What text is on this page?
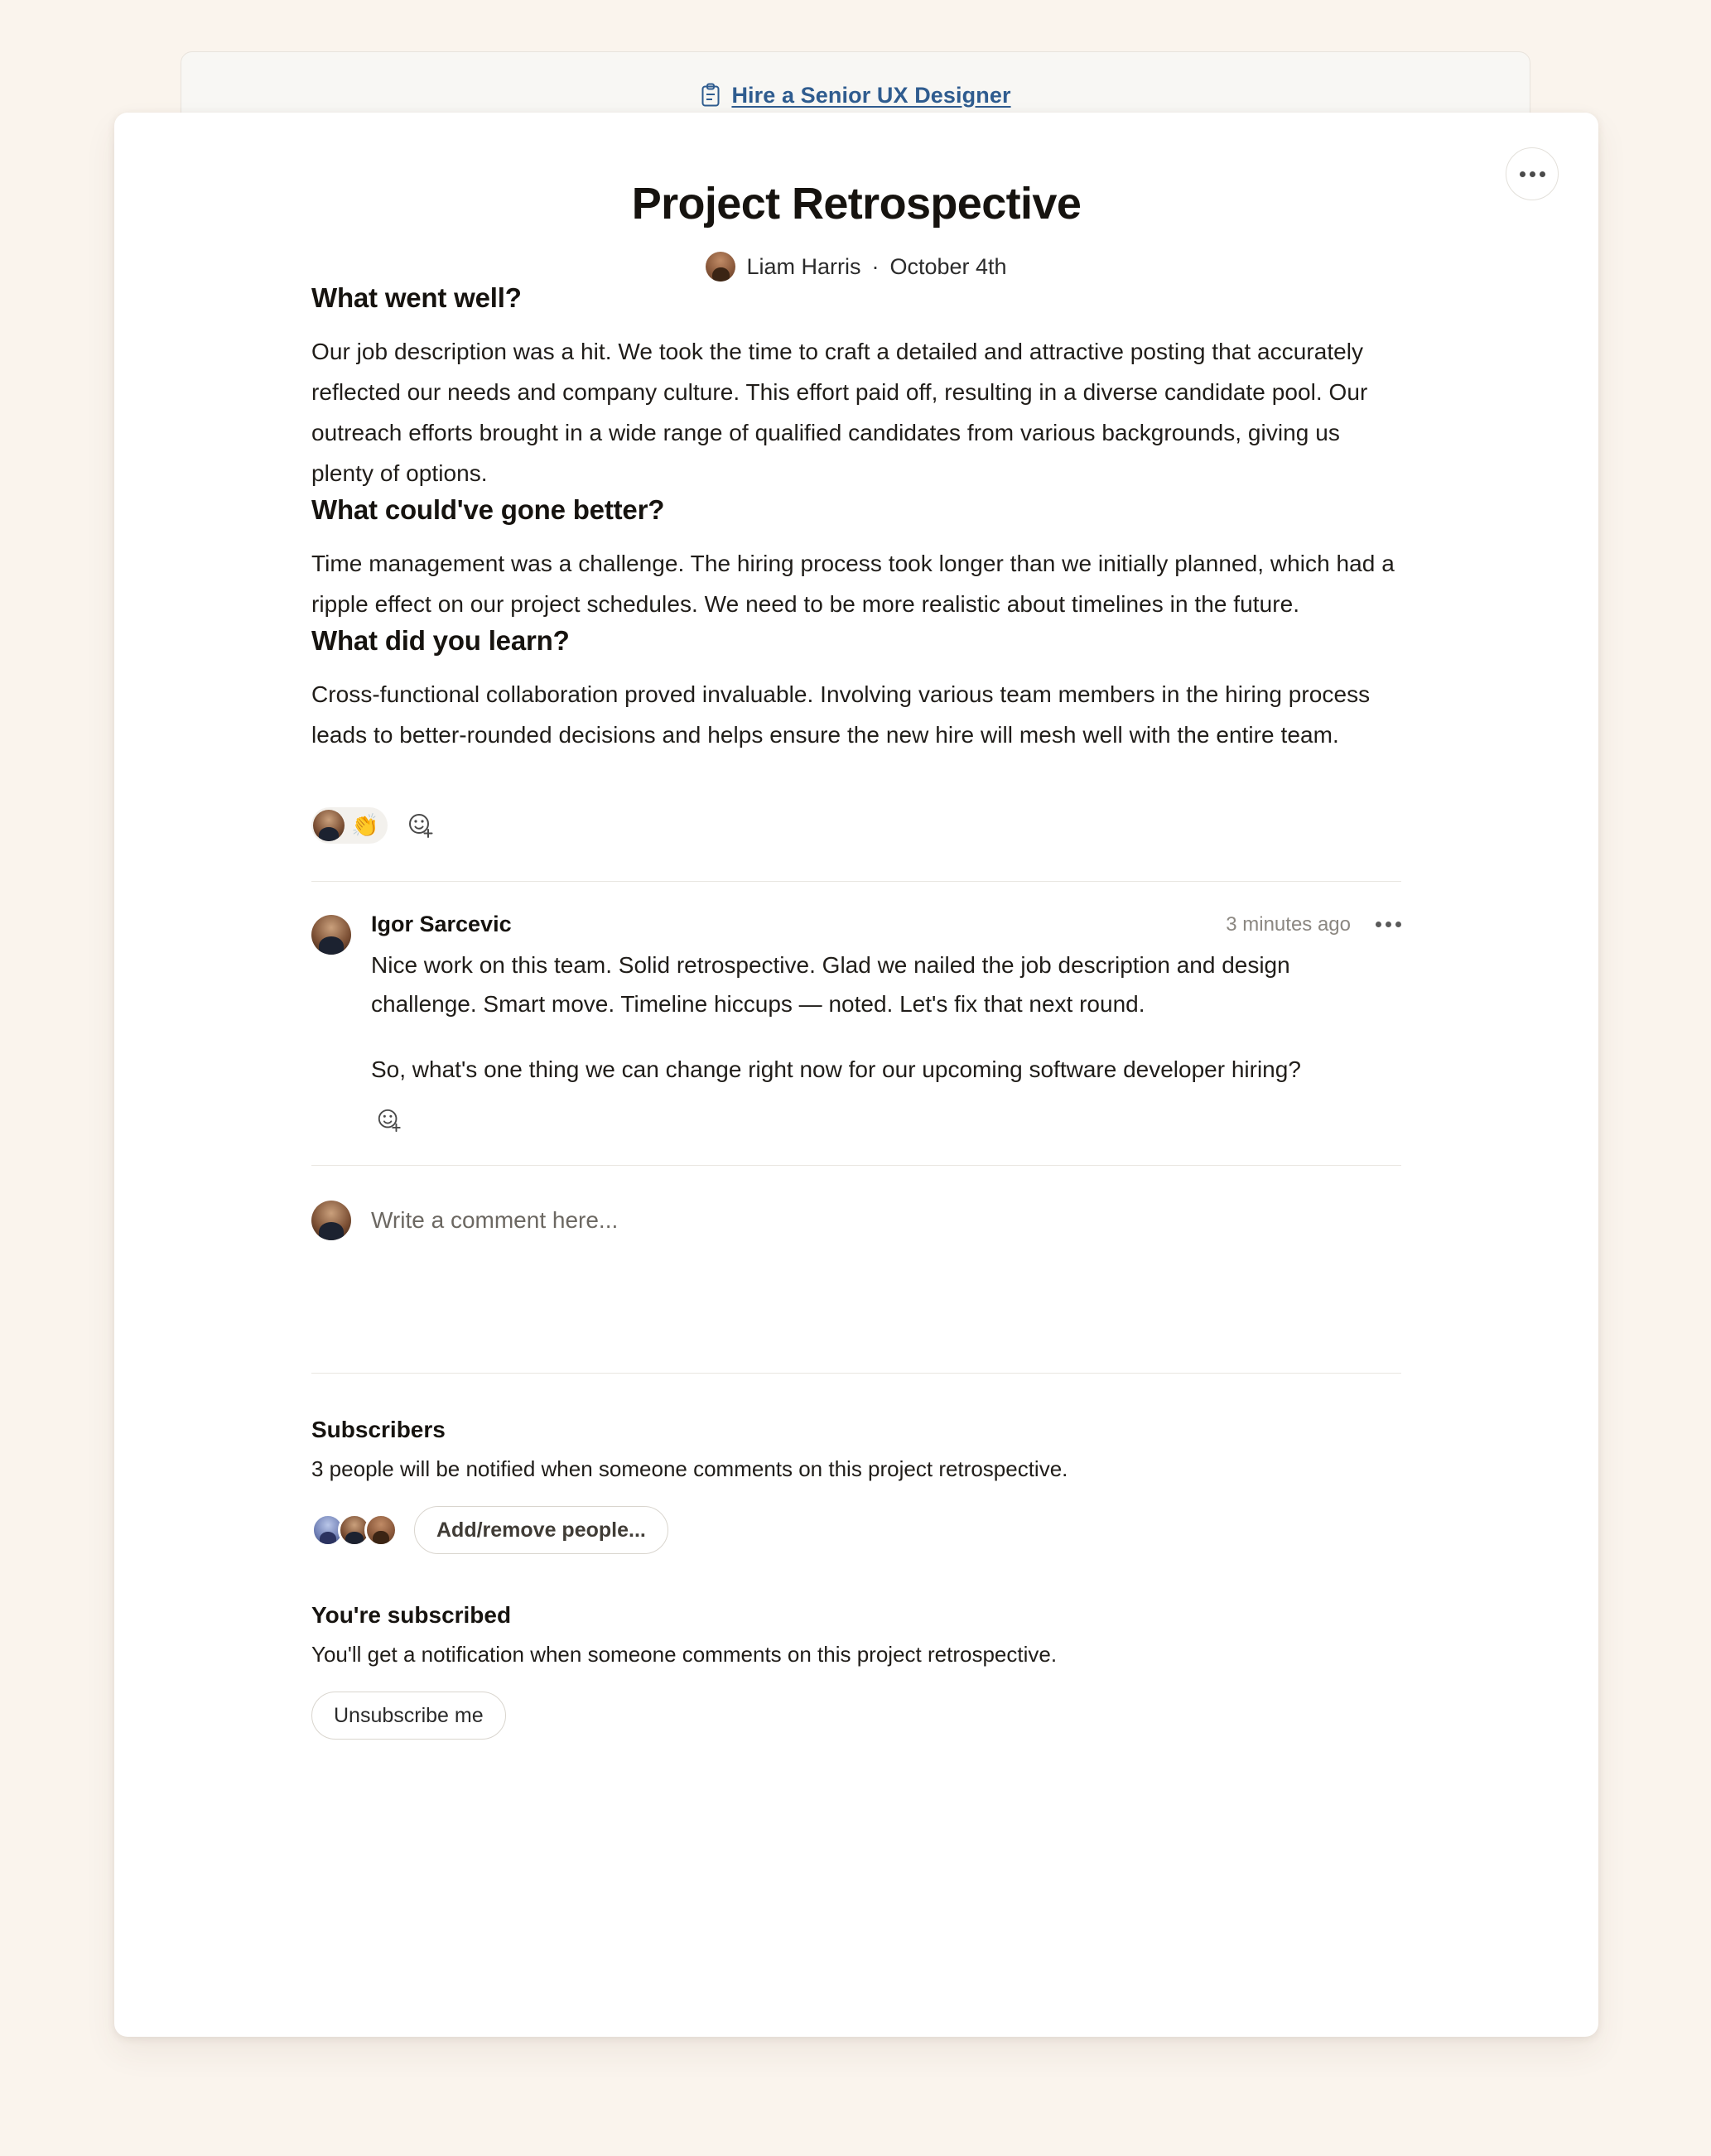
Hire a Senior UX Designer
Project Retrospective
Liam Harris · October 4th
What went well?

Our job description was a hit. We took the time to craft a detailed and attractive posting that accurately reflected our needs and company culture. This effort paid off, resulting in a diverse candidate pool. Our outreach efforts brought in a wide range of qualified candidates from various backgrounds, giving us plenty of options.

What could've gone better?

Time management was a challenge. The hiring process took longer than we initially planned, which had a ripple effect on our project schedules. We need to be more realistic about timelines in the future.

What did you learn?

Cross-functional collaboration proved invaluable. Involving various team members in the hiring process leads to better-rounded decisions and helps ensure the new hire will mesh well with the entire team.

👏
Igor Sarcevic	3 minutes ago

Nice work on this team. Solid retrospective. Glad we nailed the job description and design challenge. Smart move. Timeline hiccups — noted. Let's fix that next round.

So, what's one thing we can change right now for our upcoming software developer hiring?

Write a comment here...
Subscribers
3 people will be notified when someone comments on this project retrospective.
Add/remove people...
You're subscribed
You'll get a notification when someone comments on this project retrospective.
Unsubscribe me
